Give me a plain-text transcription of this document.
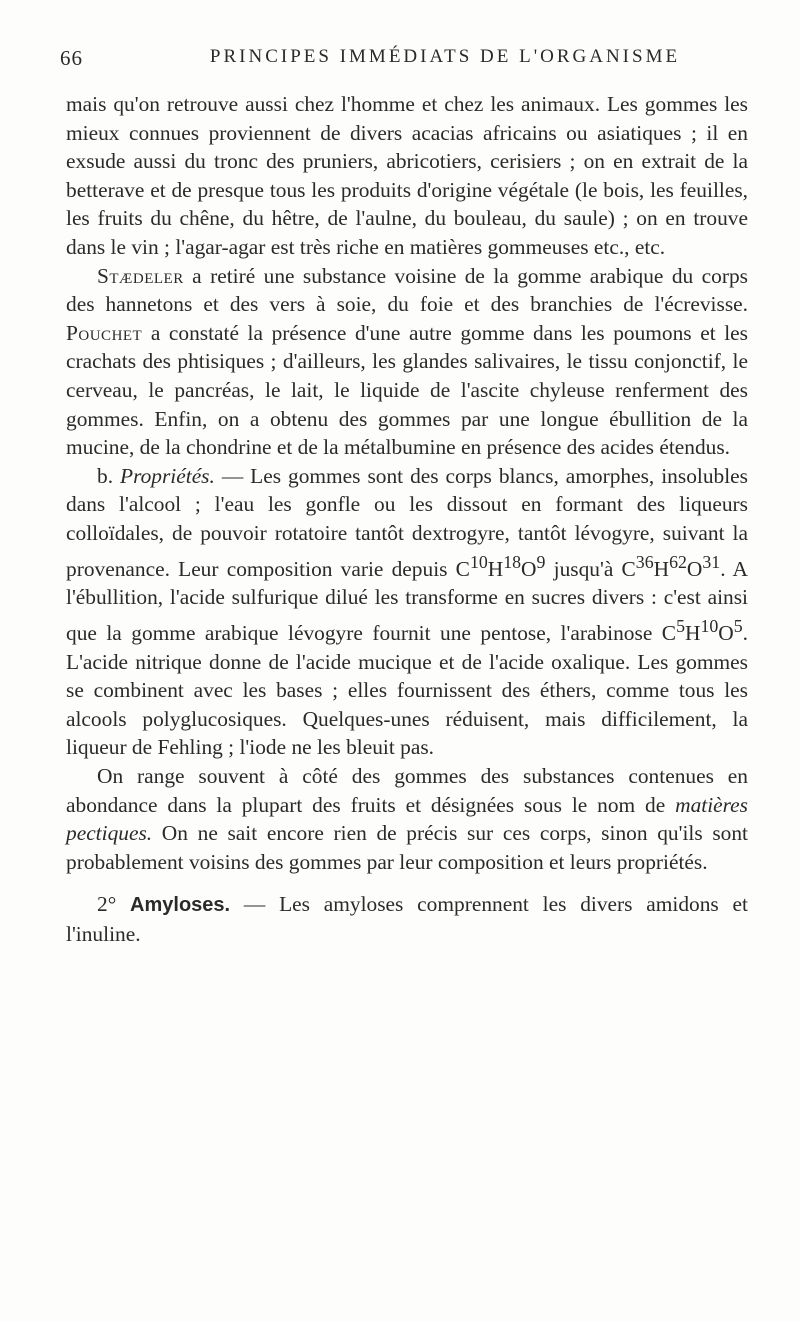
66	PRINCIPES IMMÉDIATS DE L'ORGANISME

mais qu'on retrouve aussi chez l'homme et chez les animaux. Les gommes les mieux connues proviennent de divers acacias africains ou asiatiques ; il en exsude aussi du tronc des pruniers, abricotiers, cerisiers ; on en extrait de la betterave et de presque tous les produits d'origine végétale (le bois, les feuilles, les fruits du chêne, du hêtre, de l'aulne, du bouleau, du saule) ; on en trouve dans le vin ; l'agar-agar est très riche en matières gommeuses etc., etc.

Stædeler a retiré une substance voisine de la gomme arabique du corps des hannetons et des vers à soie, du foie et des branchies de l'écrevisse. Pouchet a constaté la présence d'une autre gomme dans les poumons et les crachats des phtisiques ; d'ailleurs, les glandes salivaires, le tissu conjonctif, le cerveau, le pancréas, le lait, le liquide de l'ascite chyleuse renferment des gommes. Enfin, on a obtenu des gommes par une longue ébullition de la mucine, de la chondrine et de la métalbumine en présence des acides étendus.

b. Propriétés. — Les gommes sont des corps blancs, amorphes, insolubles dans l'alcool ; l'eau les gonfle ou les dissout en formant des liqueurs colloïdales, de pouvoir rotatoire tantôt dextrogyre, tantôt lévogyre, suivant la provenance. Leur composition varie depuis $C^{10}H^{18}O^9$ jusqu'à $C^{36}H^{62}O^{31}$. A l'ébullition, l'acide sulfurique dilué les transforme en sucres divers : c'est ainsi que la gomme arabique lévogyre fournit une pentose, l'arabinose $C^5H^{10}O^5$. L'acide nitrique donne de l'acide mucique et de l'acide oxalique. Les gommes se combinent avec les bases ; elles fournissent des éthers, comme tous les alcools polyglucosiques. Quelques-unes réduisent, mais difficilement, la liqueur de Fehling ; l'iode ne les bleuit pas.

On range souvent à côté des gommes des substances contenues en abondance dans la plupart des fruits et désignées sous le nom de matières pectiques. On ne sait encore rien de précis sur ces corps, sinon qu'ils sont probablement voisins des gommes par leur composition et leurs propriétés.

2° Amyloses. — Les amyloses comprennent les divers amidons et l'inuline.
